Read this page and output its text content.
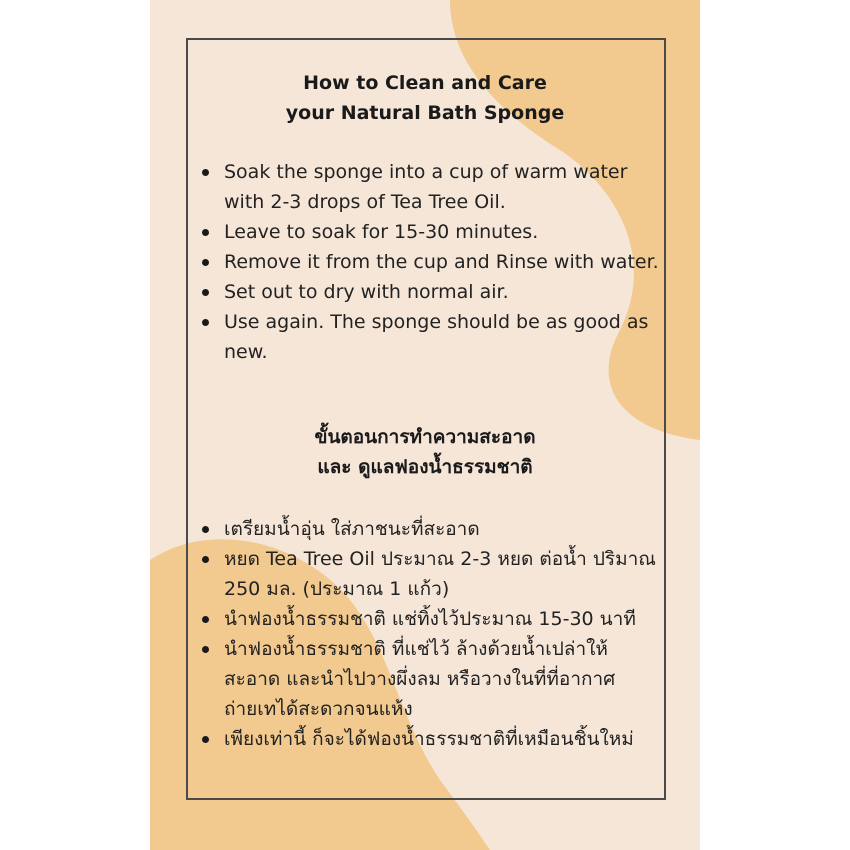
How to Clean and Care
your Natural Bath Sponge
Soak the sponge into a cup of warm water with 2-3 drops of Tea Tree Oil.
Leave to soak for 15-30 minutes.
Remove it from the cup and Rinse with water.
Set out to dry with normal air.
Use again. The sponge should be as good as new.
ขั้นตอนการทำความสะอาด
และ ดูแลฟองน้ำธรรมชาติ
เตรียมน้ำอุ่น ใส่ภาชนะที่สะอาด
หยด Tea Tree Oil ประมาณ 2-3 หยด ต่อน้ำ ปริมาณ 250 มล. (ประมาณ 1 แก้ว)
นำฟองน้ำธรรมชาติ แช่ทิ้งไว้ประมาณ 15-30 นาที
นำฟองน้ำธรรมชาติ ที่แช่ไว้ ล้างด้วยน้ำเปล่าให้ สะอาด และนำไปวางผึ่งลม หรือวางในที่ที่อากาศ ถ่ายเทได้สะดวกจนแห้ง
เพียงเท่านี้ ก็จะได้ฟองน้ำธรรมชาติที่เหมือนชิ้นใหม่
